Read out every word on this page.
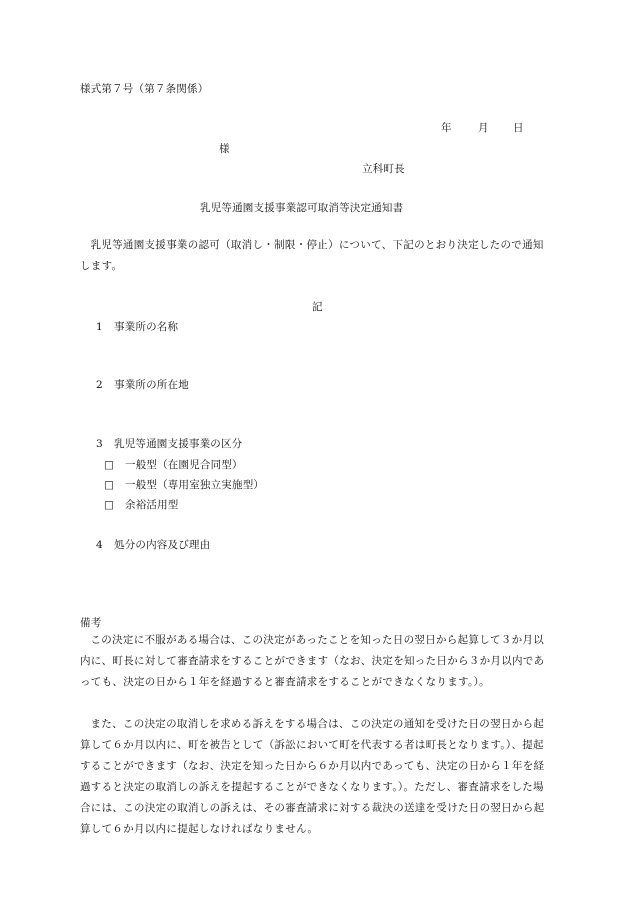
様式第７号（第７条関係）
年	月 日
様
立科町長
乳児等通園支援事業認可取消等決定通知書
乳児等通園支援事業の認可（取消し・制限・停止）について、下記のとおり決定したので通知します。
記
1 事業所の名称
2 事業所の所在地
3 乳児等通園支援事業の区分
□ 一般型（在園児合同型）
□ 一般型（専用室独立実施型）
□ 余裕活用型
4 処分の内容及び理由
備考
この決定に不服がある場合は、この決定があったことを知った日の翌日から起算して３か月以内に、町長に対して審査請求をすることができます（なお、決定を知った日から３か月以内であっても、決定の日から１年を経過すると審査請求をすることができなくなります。）。
また、この決定の取消しを求める訴えをする場合は、この決定の通知を受けた日の翌日から起算して６か月以内に、町を被告として（訴訟において町を代表する者は町長となります。）、提起することができます（なお、決定を知った日から６か月以内であっても、決定の日から１年を経過すると決定の取消しの訴えを提起することができなくなります。）。ただし、審査請求をした場合には、この決定の取消しの訴えは、その審査請求に対する裁決の送達を受けた日の翌日から起算して６か月以内に提起しなければなりません。
